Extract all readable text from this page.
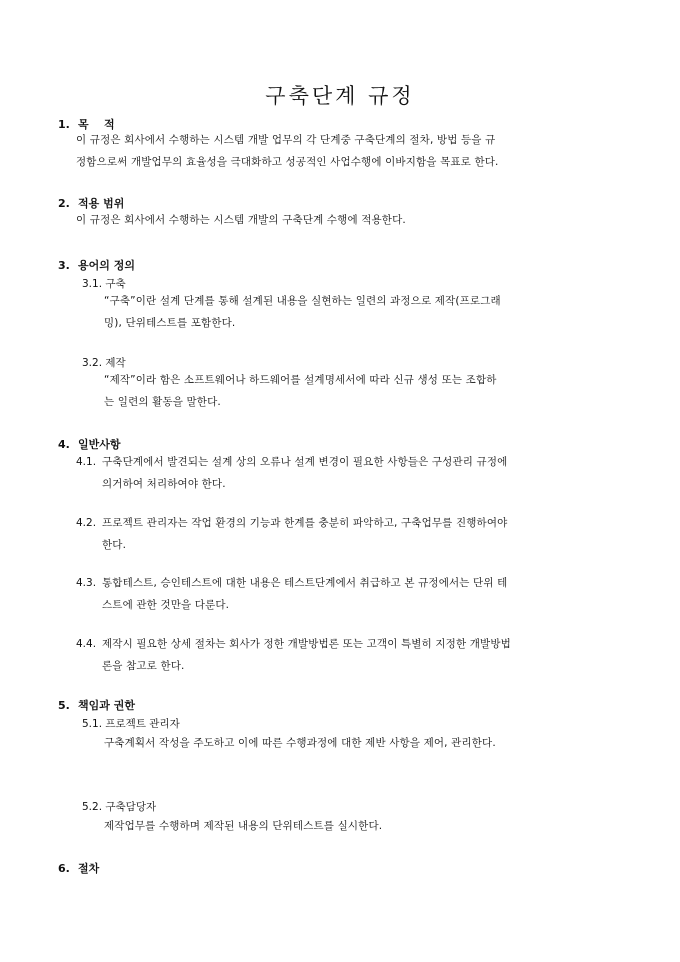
구축단계 규정
1. 목    적
이 규정은 회사에서 수행하는 시스템 개발 업무의 각 단계중 구축단계의 절차, 방법 등을 규
정함으로써 개발업무의 효율성을 극대화하고 성공적인 사업수행에 이바지함을 목표로 한다.
2. 적용 범위
이 규정은 회사에서 수행하는 시스템 개발의 구축단계 수행에 적용한다.
3. 용어의 정의
3.1. 구축
“구축”이란 설계 단계를 통해 설계된 내용을 실현하는 일련의 과정으로 제작(프로그래
밍), 단위테스트를 포함한다.
3.2. 제작
“제작”이라 함은 소프트웨어나 하드웨어를 설계명세서에 따라 신규 생성 또는 조합하
는 일련의 활동을 말한다.
4. 일반사항
4.1. 구축단계에서 발견되는 설계 상의 오류나 설계 변경이 필요한 사항들은 구성관리 규정에
의거하여 처리하여야 한다.
4.2. 프로젝트 관리자는 작업 환경의 기능과 한계를 충분히 파악하고, 구축업무를 진행하여야
한다.
4.3. 통합테스트, 승인테스트에 대한 내용은 테스트단계에서 취급하고 본 규정에서는 단위 테
스트에 관한 것만을 다룬다.
4.4. 제작시 필요한 상세 절차는 회사가 정한 개발방법론 또는 고객이 특별히 지정한 개발방법
론을 참고로 한다.
5. 책임과 권한
5.1. 프로젝트 관리자
구축계획서 작성을 주도하고 이에 따른 수행과정에 대한 제반 사항을 제어, 관리한다.
5.2. 구축담당자
제작업무를 수행하며 제작된 내용의 단위테스트를 실시한다.
6. 절차
